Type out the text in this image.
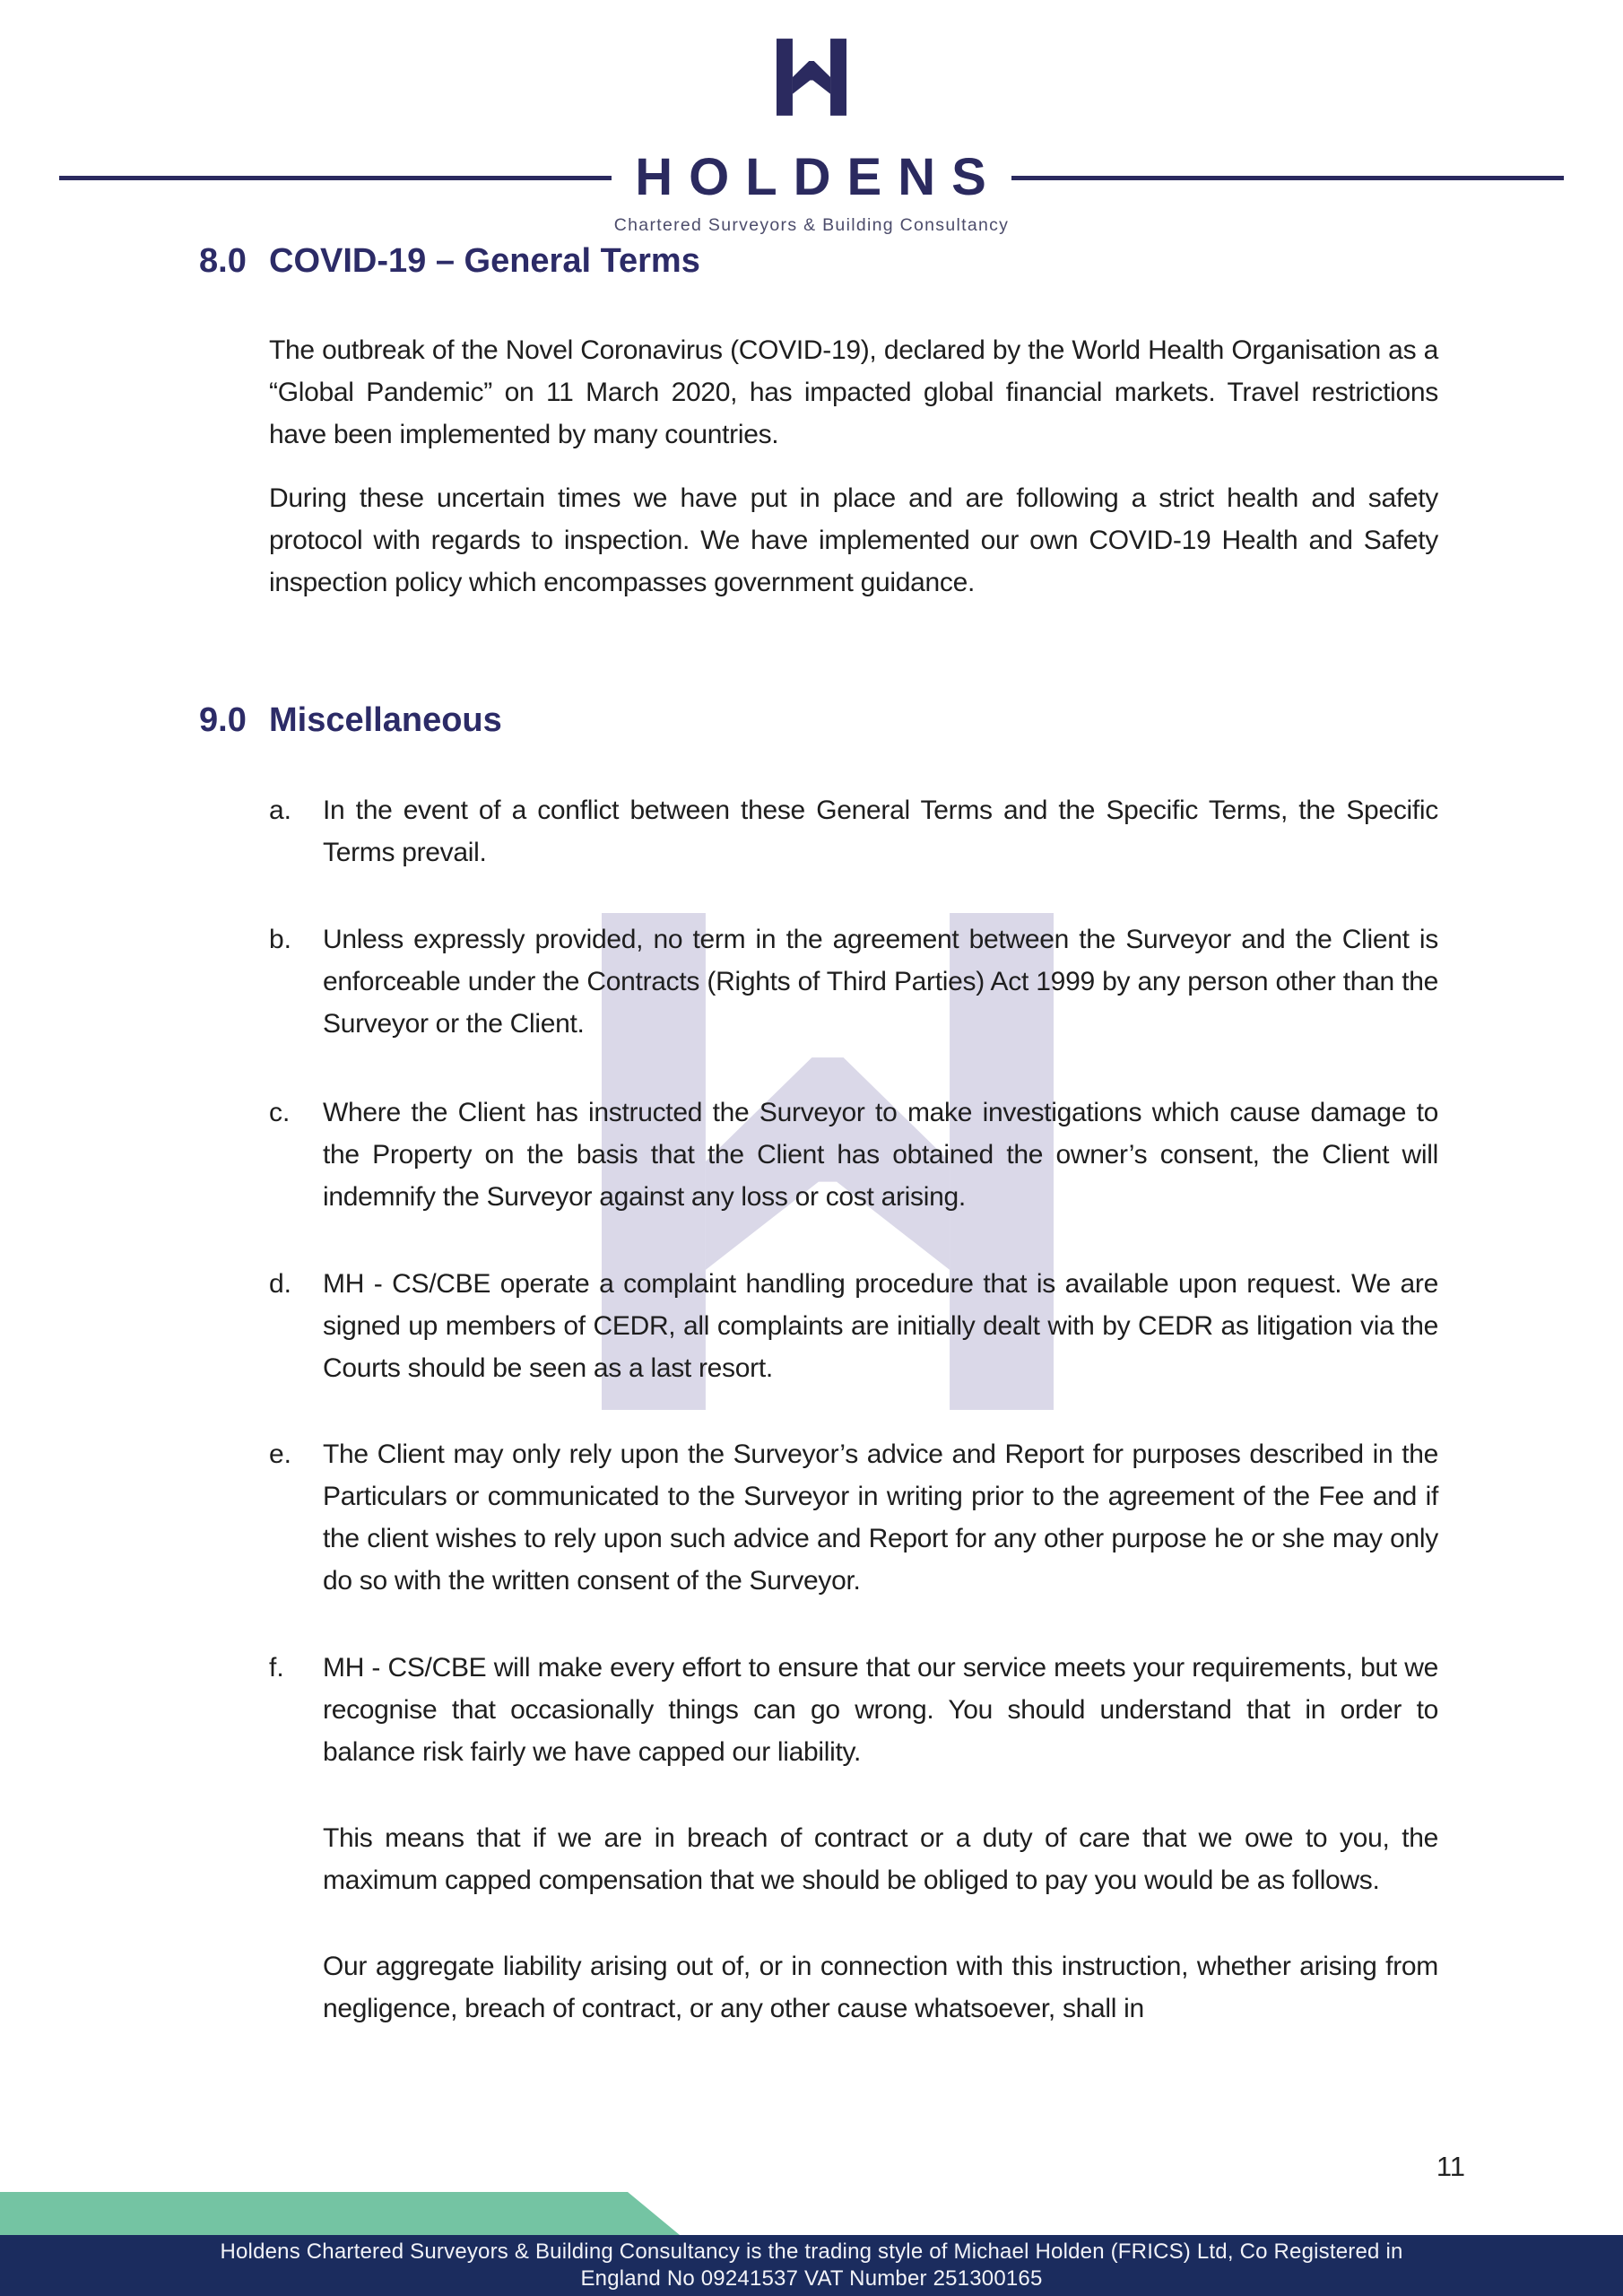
HOLDENS
Chartered Surveyors & Building Consultancy
8.0 COVID-19 – General Terms
The outbreak of the Novel Coronavirus (COVID-19), declared by the World Health Organisation as a “Global Pandemic” on 11 March 2020, has impacted global financial markets. Travel restrictions have been implemented by many countries.
During these uncertain times we have put in place and are following a strict health and safety protocol with regards to inspection. We have implemented our own COVID-19 Health and Safety inspection policy which encompasses government guidance.
9.0 Miscellaneous
a.	In the event of a conflict between these General Terms and the Specific Terms, the Specific Terms prevail.
b.	Unless expressly provided, no term in the agreement between the Surveyor and the Client is enforceable under the Contracts (Rights of Third Parties) Act 1999 by any person other than the Surveyor or the Client.
c.	Where the Client has instructed the Surveyor to make investigations which cause damage to the Property on the basis that the Client has obtained the owner’s consent, the Client will indemnify the Surveyor against any loss or cost arising.
d.	MH - CS/CBE operate a complaint handling procedure that is available upon request. We are signed up members of CEDR, all complaints are initially dealt with by CEDR as litigation via the Courts should be seen as a last resort.
e.	The Client may only rely upon the Surveyor’s advice and Report for purposes described in the Particulars or communicated to the Surveyor in writing prior to the agreement of the Fee and if the client wishes to rely upon such advice and Report for any other purpose he or she may only do so with the written consent of the Surveyor.
f.	MH - CS/CBE will make every effort to ensure that our service meets your requirements, but we recognise that occasionally things can go wrong. You should understand that in order to balance risk fairly we have capped our liability.
This means that if we are in breach of contract or a duty of care that we owe to you, the maximum capped compensation that we should be obliged to pay you would be as follows.
Our aggregate liability arising out of, or in connection with this instruction, whether arising from negligence, breach of contract, or any other cause whatsoever, shall in
11
Holdens Chartered Surveyors & Building Consultancy is the trading style of Michael Holden (FRICS) Ltd, Co Registered in
England No 09241537 VAT Number 251300165
